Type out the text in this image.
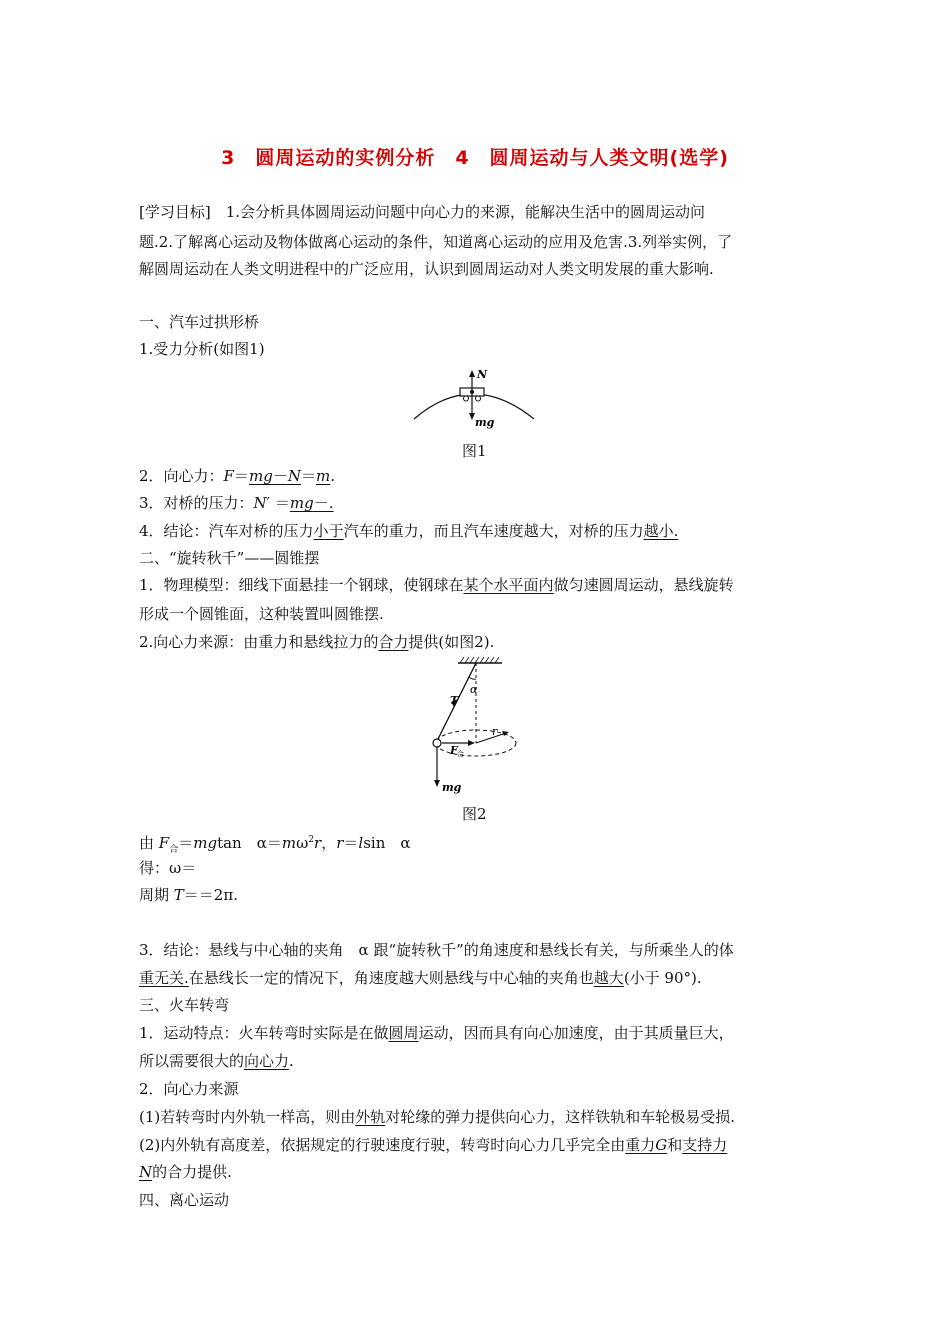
3　圆周运动的实例分析　4　圆周运动与人类文明(选学)
[学习目标]　1.会分析具体圆周运动问题中向心力的来源，能解决生活中的圆周运动问
题.2.了解离心运动及物体做离心运动的条件，知道离心运动的应用及危害.3.列举实例，了
解圆周运动在人类文明进程中的广泛应用，认识到圆周运动对人类文明发展的重大影响.
一、汽车过拱形桥
1.受力分析(如图1)
N
mg
图1
2．向心力：F＝mg－N＝m.
3．对桥的压力：N′ ＝mg－.
4．结论：汽车对桥的压力小于汽车的重力，而且汽车速度越大，对桥的压力越小.
二、“旋转秋千”——圆锥摆
1．物理模型：细线下面悬挂一个钢球，使钢球在某个水平面内做匀速圆周运动，悬线旋转
形成一个圆锥面，这种装置叫圆锥摆.
2.向心力来源：由重力和悬线拉力的合力提供(如图2).
α
T
r
F 合
mg
图2
由 $F_合=mgtan$　$\alpha=m\omega^2r$，r＝lsin　α
得：ω＝
周期 T＝＝2π.
3．结论：悬线与中心轴的夹角　α 跟“旋转秋千”的角速度和悬线长有关，与所乘坐人的体
重无关.在悬线长一定的情况下，角速度越大则悬线与中心轴的夹角也越大(小于 90°).
三、火车转弯
1．运动特点：火车转弯时实际是在做圆周运动，因而具有向心加速度，由于其质量巨大，
所以需要很大的向心力.
2．向心力来源
(1)若转弯时内外轨一样高，则由外轨对轮缘的弹力提供向心力，这样铁轨和车轮极易受损.
(2)内外轨有高度差，依据规定的行驶速度行驶，转弯时向心力几乎完全由重力G和支持力
N的合力提供.
四、离心运动
